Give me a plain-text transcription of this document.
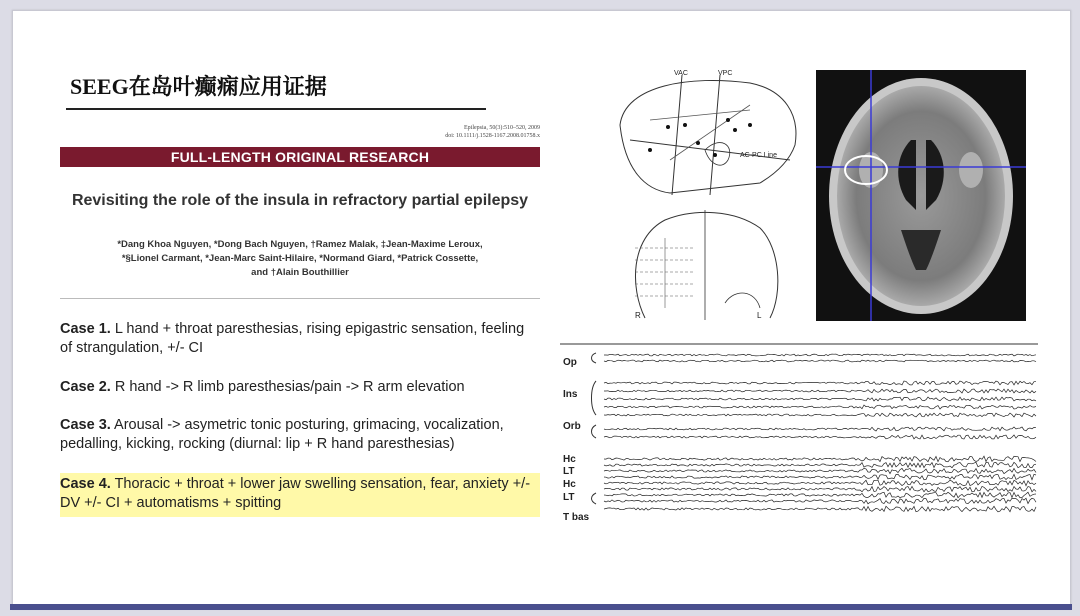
SEEG在岛叶癫痫应用证据
Epilepsia, 50(3):510–520, 2009
doi: 10.1111/j.1528-1167.2008.01758.x
FULL-LENGTH ORIGINAL RESEARCH
Revisiting the role of the insula in refractory partial epilepsy
*Dang Khoa Nguyen, *Dong Bach Nguyen, †Ramez Malak, ‡Jean-Maxime Leroux,
*§Lionel Carmant, *Jean-Marc Saint-Hilaire, *Normand Giard, *Patrick Cossette,
and †Alain Bouthillier
Case 1. L hand + throat paresthesias, rising epigastric sensation, feeling of strangulation, +/- CI
Case 2. R hand -> R limb paresthesias/pain -> R arm elevation
Case 3. Arousal -> asymetric tonic posturing, grimacing, vocalization, pedalling, kicking, rocking (diurnal: lip + R hand paresthesias)
Case 4. Thoracic + throat + lower jaw swelling sensation, fear, anxiety +/- DV +/- CI + automatisms + spitting
VAC	VPC
AC-PC Line
R	L
Op
Ins
Orb
Hc
LT
Hc
LT
T bas
